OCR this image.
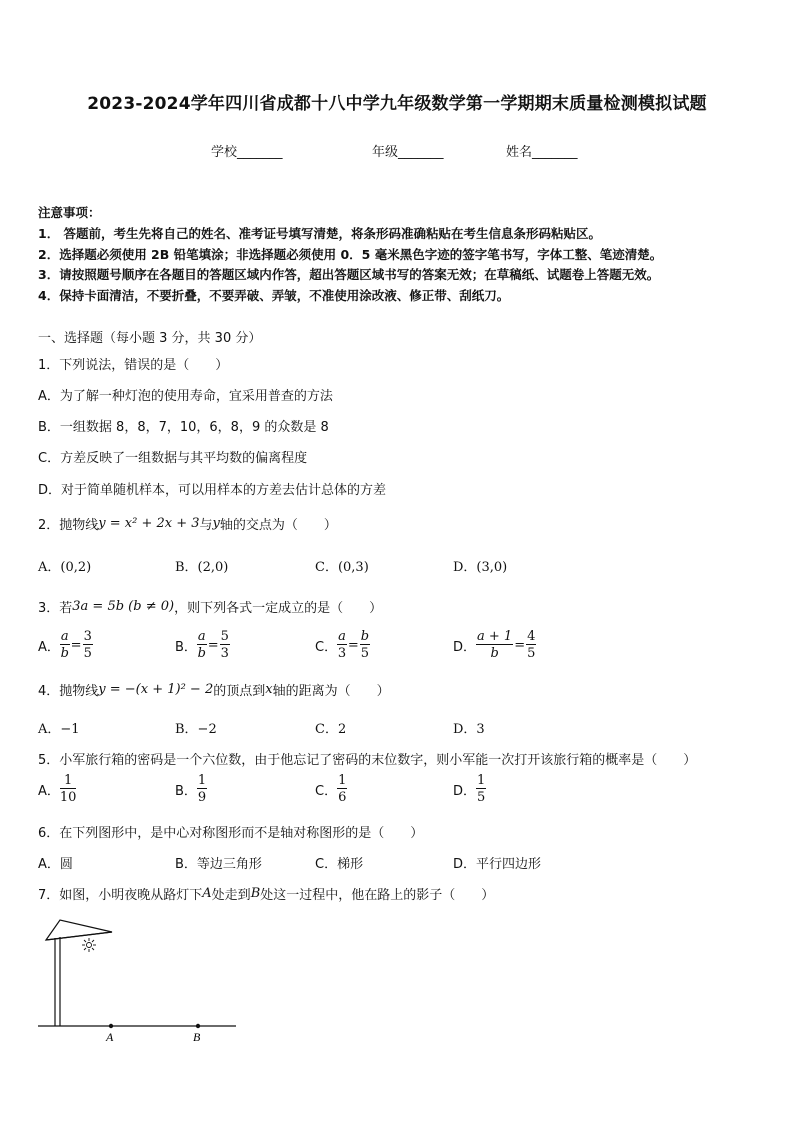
2023-2024学年四川省成都十八中学九年级数学第一学期期末质量检测模拟试题
学校_______	年级_______	姓名_______
注意事项：
1． 答题前，考生先将自己的姓名、准考证号填写清楚，将条形码准确粘贴在考生信息条形码粘贴区。
2．选择题必须使用 2B 铅笔填涂；非选择题必须使用 0．5 毫米黑色字迹的签字笔书写，字体工整、笔迹清楚。
3．请按照题号顺序在各题目的答题区域内作答，超出答题区域书写的答案无效；在草稿纸、试题卷上答题无效。
4．保持卡面清洁，不要折叠，不要弄破、弄皱，不准使用涂改液、修正带、刮纸刀。
一、选择题（每小题 3 分，共 30 分）
1．下列说法，错误的是（　　）
A．为了解一种灯泡的使用寿命，宜采用普查的方法
B．一组数据 8，8，7，10，6，8，9 的众数是 8
C．方差反映了一组数据与其平均数的偏离程度
D．对于简单随机样本，可以用样本的方差去估计总体的方差
2．抛物线 y = x² + 2x + 3 与 y 轴的交点为（　　）
A．(0,2)	B．(2,0)	C．(0,3)	D．(3,0)
3．若 3a = 5b (b ≠ 0) ，则下列各式一定成立的是（　　）
A． $\frac{a}{b} = \frac{3}{5}$	B． $\frac{a}{b} = \frac{5}{3}$	C． $\frac{a}{3} = \frac{b}{5}$	D． $\frac{a + 1}{b} = \frac{4}{5}$
4．抛物线 y = −(x + 1)² − 2 的顶点到 x 轴的距离为（　　）
A．−1	B．−2	C．2	D．3
5．小军旅行箱的密码是一个六位数，由于他忘记了密码的末位数字，则小军能一次打开该旅行箱的概率是（　　）
A． $\frac{1}{10}$	B． $\frac{1}{9}$	C． $\frac{1}{6}$	D． $\frac{1}{5}$
6．在下列图形中，是中心对称图形而不是轴对称图形的是（　　）
A．圆	B．等边三角形	C．梯形	D．平行四边形
7．如图，小明夜晚从路灯下 A 处走到 B 处这一过程中，他在路上的影子（　　）
A	B
